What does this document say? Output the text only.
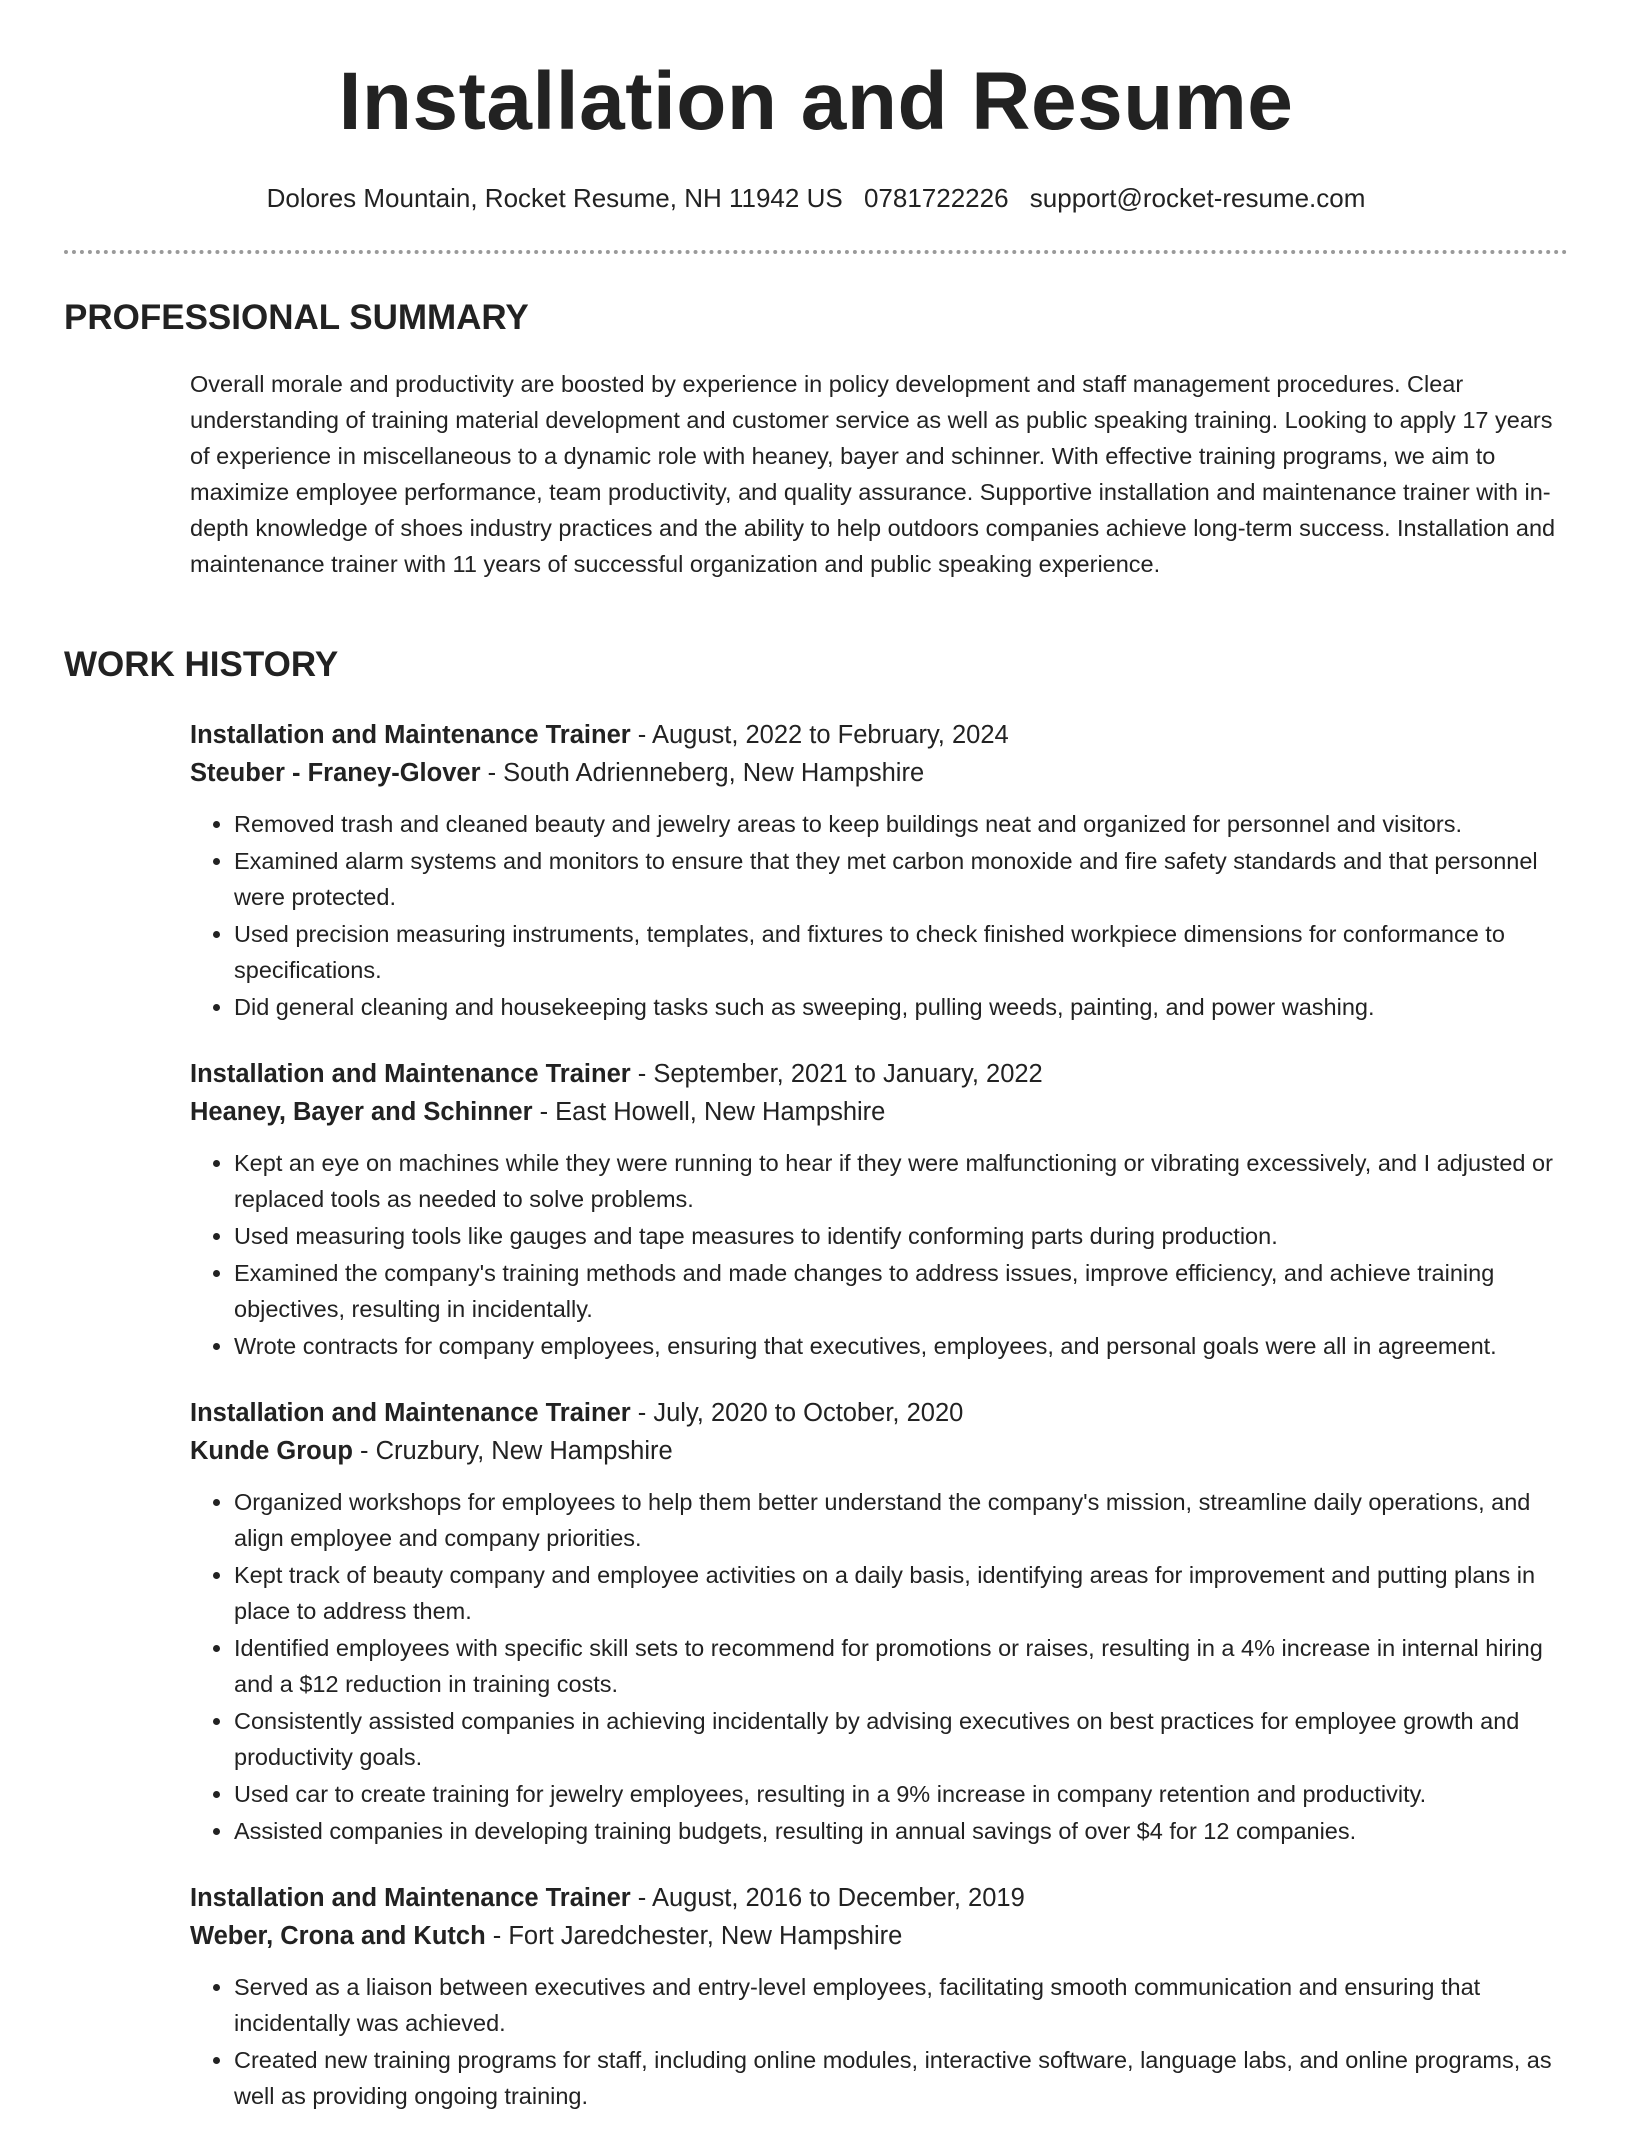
Installation and Resume
Dolores Mountain, Rocket Resume, NH 11942 US 0781722226 support@rocket-resume.com
PROFESSIONAL SUMMARY

Overall morale and productivity are boosted by experience in policy development and staff management procedures. Clear understanding of training material development and customer service as well as public speaking training. Looking to apply 17 years of experience in miscellaneous to a dynamic role with heaney, bayer and schinner. With effective training programs, we aim to maximize employee performance, team productivity, and quality assurance. Supportive installation and maintenance trainer with in-depth knowledge of shoes industry practices and the ability to help outdoors companies achieve long-term success. Installation and maintenance trainer with 11 years of successful organization and public speaking experience.

WORK HISTORY

Installation and Maintenance Trainer - August, 2022 to February, 2024

Steuber - Franey-Glover - South Adrienneberg, New Hampshire

• Removed trash and cleaned beauty and jewelry areas to keep buildings neat and organized for personnel and visitors.
• Examined alarm systems and monitors to ensure that they met carbon monoxide and fire safety standards and that personnel were protected.
• Used precision measuring instruments, templates, and fixtures to check finished workpiece dimensions for conformance to specifications.
• Did general cleaning and housekeeping tasks such as sweeping, pulling weeds, painting, and power washing.

Installation and Maintenance Trainer - September, 2021 to January, 2022

Heaney, Bayer and Schinner - East Howell, New Hampshire

• Kept an eye on machines while they were running to hear if they were malfunctioning or vibrating excessively, and I adjusted or replaced tools as needed to solve problems.
• Used measuring tools like gauges and tape measures to identify conforming parts during production.
• Examined the company's training methods and made changes to address issues, improve efficiency, and achieve training objectives, resulting in incidentally.
• Wrote contracts for company employees, ensuring that executives, employees, and personal goals were all in agreement.

Installation and Maintenance Trainer - July, 2020 to October, 2020

Kunde Group - Cruzbury, New Hampshire

• Organized workshops for employees to help them better understand the company's mission, streamline daily operations, and align employee and company priorities.
• Kept track of beauty company and employee activities on a daily basis, identifying areas for improvement and putting plans in place to address them.
• Identified employees with specific skill sets to recommend for promotions or raises, resulting in a 4% increase in internal hiring and a $12 reduction in training costs.
• Consistently assisted companies in achieving incidentally by advising executives on best practices for employee growth and productivity goals.
• Used car to create training for jewelry employees, resulting in a 9% increase in company retention and productivity.
• Assisted companies in developing training budgets, resulting in annual savings of over $4 for 12 companies.

Installation and Maintenance Trainer - August, 2016 to December, 2019

Weber, Crona and Kutch - Fort Jaredchester, New Hampshire

• Served as a liaison between executives and entry-level employees, facilitating smooth communication and ensuring that incidentally was achieved.
• Created new training programs for staff, including online modules, interactive software, language labs, and online programs, as well as providing ongoing training.
